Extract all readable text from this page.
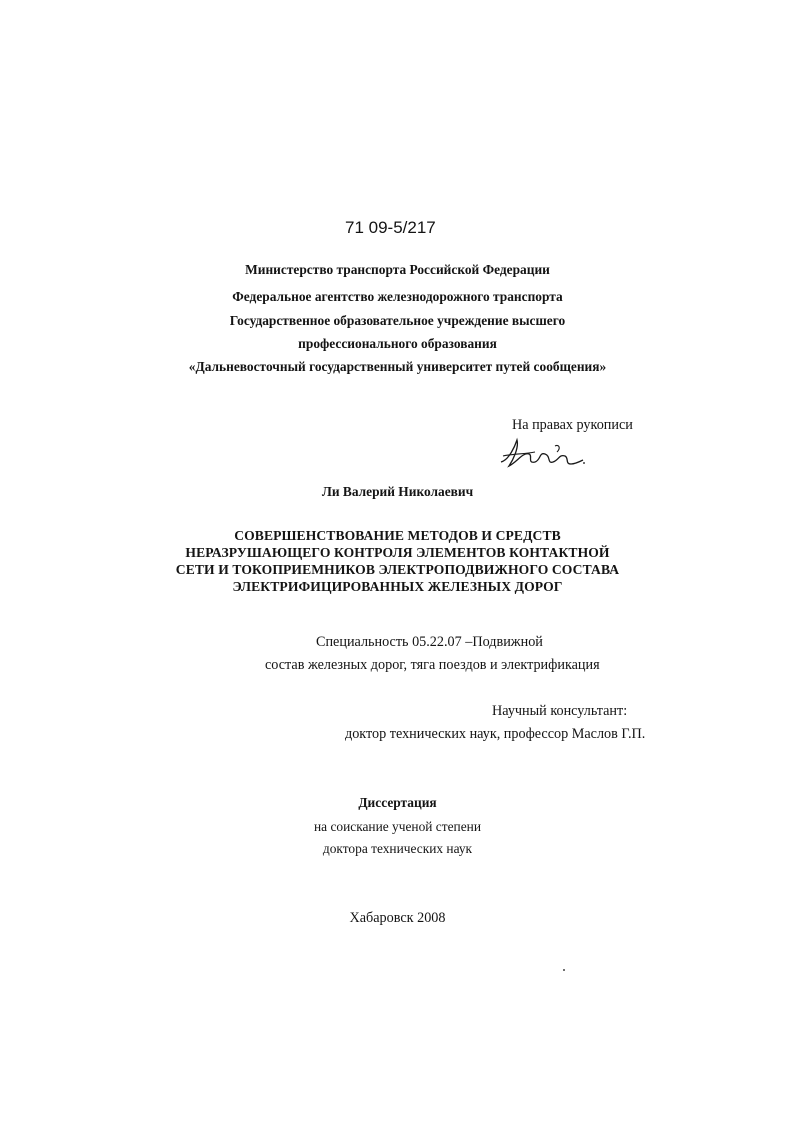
71 09-5/217
Министерство транспорта Российской Федерации
Федеральное агентство железнодорожного транспорта
Государственное образовательное учреждение высшего
профессионального образования
«Дальневосточный государственный университет путей сообщения»
На правах рукописи
Ли Валерий Николаевич
СОВЕРШЕНСТВОВАНИЕ МЕТОДОВ И СРЕДСТВ
НЕРАЗРУШАЮЩЕГО КОНТРОЛЯ ЭЛЕМЕНТОВ КОНТАКТНОЙ
СЕТИ И ТОКОПРИЕМНИКОВ ЭЛЕКТРОПОДВИЖНОГО СОСТАВА
ЭЛЕКТРИФИЦИРОВАННЫХ ЖЕЛЕЗНЫХ ДОРОГ
Специальность 05.22.07 –Подвижной
состав железных дорог, тяга поездов и электрификация
Научный консультант:
доктор технических наук, профессор Маслов Г.П.
Диссертация
на соискание ученой степени
доктора технических наук
Хабаровск 2008
